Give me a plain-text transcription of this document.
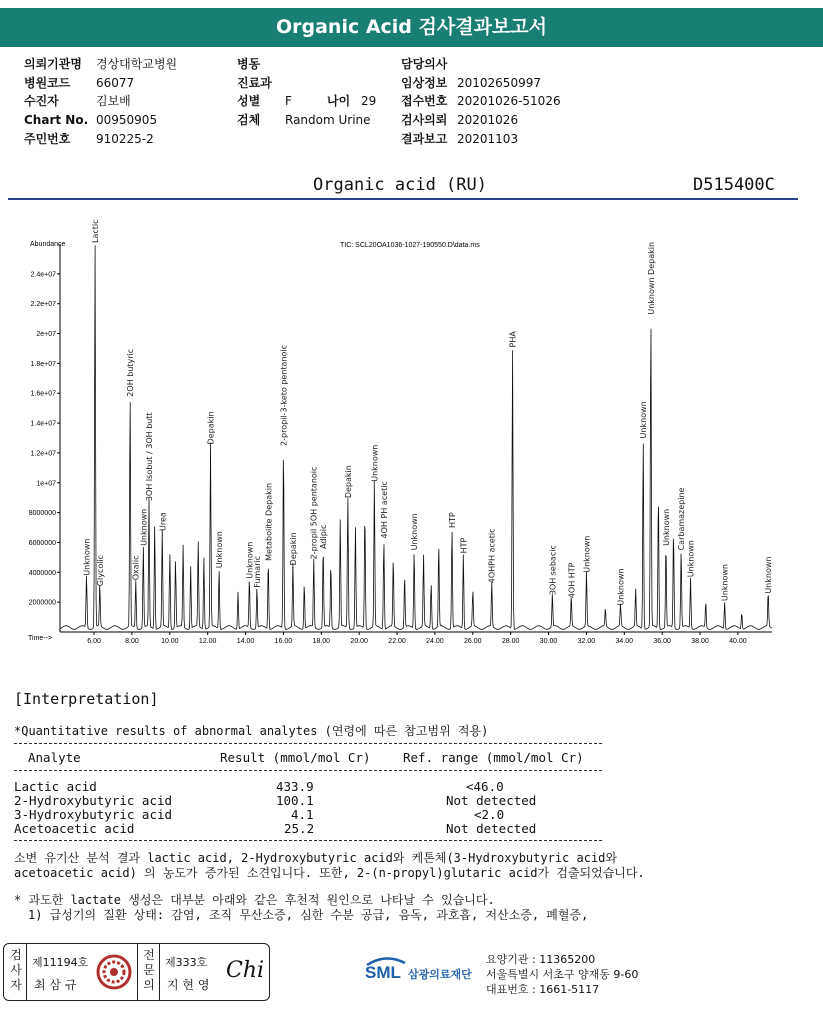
Organic Acid 검사결과보고서
의뢰기관명	경상대학교병원
병원코드	66077
수진자	김보배
Chart No. 00950905
주민번호	910225-2
병동
진료과
성별	F	나이 29
검체	Random Urine
담당의사
임상정보 20102650997
접수번호 20201026-51026
검사의뢰 20201026
결과보고 20201103
Organic acid (RU)	D515400C
Abundance
Time-->
TIC: SCL20OA1036-1027-190550.D\data.ms
2000000
4000000
6000000
8000000
1e+07
1.2e+07
1.4e+07
1.6e+07
1.8e+07
2e+07
2.2e+07
2.4e+07
6.00	8.00	10.00	12.00	14.00	16.00	18.00	20.00	22.00	24.00	26.00	28.00	30.00	32.00	34.00	36.00	38.00	40.00
Lactic
Unknown Glycolic
2OH butyric
Oxalic
Unknown
3OH Isobut / 3OH butt
Urea
Depakin
Unknown	Unknown
Fumaric
Metabolite Depakin
2-propil-3-keto pentanoic
Depakin 2-propil 5OH pentanoic Adipic
Depakin Unknown
4OH PH acetic	Unknown	HTP
HTP 4OHPH acetic
PHA
3OH sebacic 4OH HTP
Unknown
Unknown
Unknown
Unknown Depakin
Unknown Carbamazepine
Unknown
Unknown	Unknown
[Interpretation]
*Quantitative results of abnormal analytes (연령에 따른 참고범위 적용)
Analyte	Result (mmol/mol Cr)	Ref. range (mmol/mol Cr)
Lactic acid	433.9	<46.0
2-Hydroxybutyric acid	100.1	Not detected
3-Hydroxybutyric acid	4.1	<2.0
Acetoacetic acid	25.2	Not detected
소변 유기산 분석 결과 lactic acid, 2-Hydroxybutyric acid와 케톤체(3-Hydroxybutyric acid와
acetoacetic acid) 의 농도가 증가된 소견입니다. 또한, 2-(n-propyl)glutaric acid가 검출되었습니다.
* 과도한 lactate 생성은 대부분 아래와 같은 후천적 원인으로 나타날 수 있습니다.
1) 급성기의 질환 상태: 감염, 조직 무산소증, 심한 수분 공급, 음독, 과호흡, 저산소증, 폐혈증,
검사자
제11194호
최 삼 규
전문의
제333호
지 현 영
Chi	SML 삼광의료재단
요양기관 : 11365200
서울특별시 서초구 양재동 9-60
대표번호 : 1661-5117
